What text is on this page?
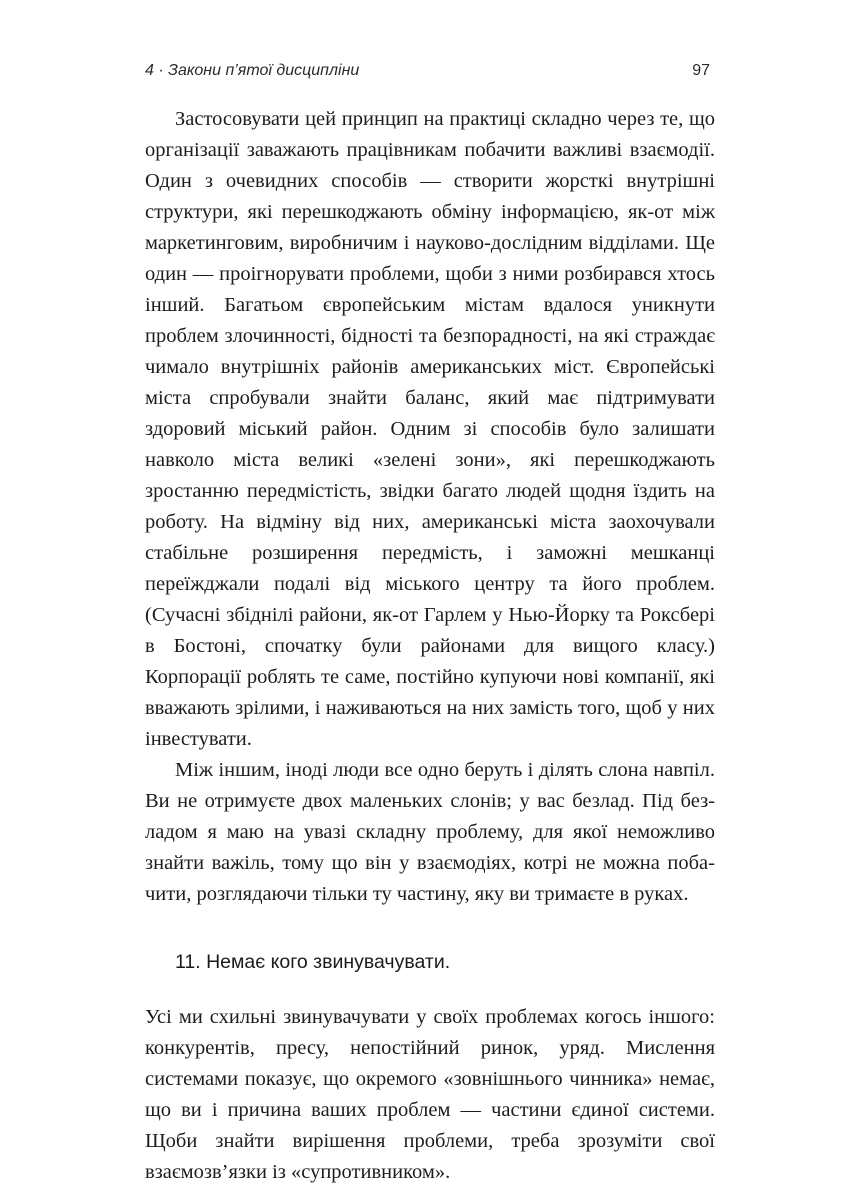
4 · Закони п’ятої дисципліни	97

Застосовувати цей принцип на практиці складно через те, що організації заважають працівникам побачити важливі взаємодії. Один з очевидних способів — створити жорсткі внутрішні структури, які перешкоджають обміну інформацією, як-от між маркетинговим, виробничим і науково-дослідним відділами. Ще один — проігнорувати проблеми, щоби з ними розбирався хтось інший. Багатьом європейським містам вдалося уникнути проблем злочинності, бідності та безпорадності, на які страждає чимало внутрішніх районів американських міст. Європейські міста спробували знайти баланс, який має підтримувати здоровий міський район. Одним зі способів було залишати навколо міста великі «зелені зони», які перешкоджають зростанню передмістість, звідки багато людей щодня їздить на роботу. На відміну від них, американські міста заохочували стабільне розширення передмість, і заможні мешканці переїжджали подалі від міського центру та його проблем. (Сучасні збіднілі райони, як-от Гарлем у Нью-Йорку та Роксбері в Бостоні, спочатку були районами для вищого класу.) Корпорації роблять те саме, постійно купуючи нові компанії, які вважають зрілими, і наживаються на них замість того, щоб у них інвестувати.

Між іншим, іноді люди все одно беруть і ділять слона навпіл. Ви не отримуєте двох маленьких слонів; у вас безлад. Під безладом я маю на увазі складну проблему, для якої неможливо знайти важіль, тому що він у взаємодіях, котрі не можна побачити, розглядаючи тільки ту частину, яку ви тримаєте в руках.

11. Немає кого звинувачувати.

Усі ми схильні звинувачувати у своїх проблемах когось іншого: конкурентів, пресу, непостійний ринок, уряд. Мислення системами показує, що окремого «зовнішнього чинника» немає, що ви і причина ваших проблем — частини єдиної системи. Щоби знайти вирішення проблеми, треба зрозуміти свої взаємозв’язки із «супротивником».
